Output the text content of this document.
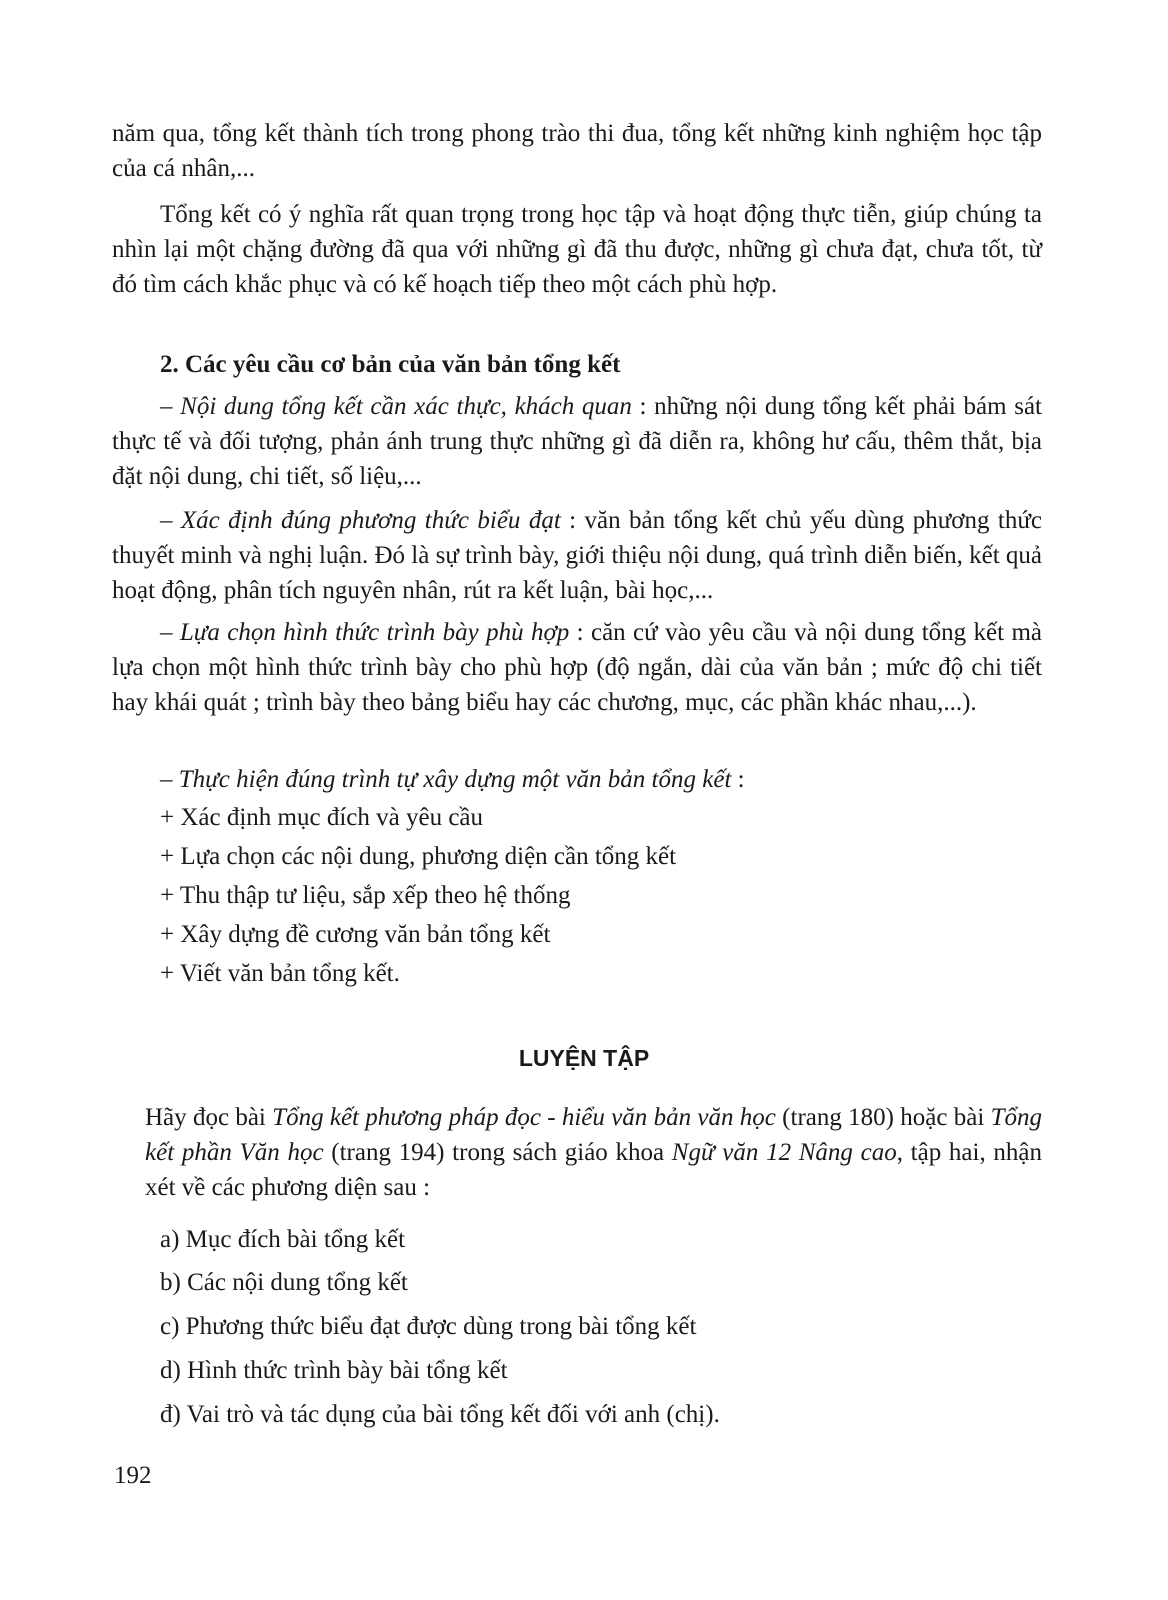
năm qua, tổng kết thành tích trong phong trào thi đua, tổng kết những kinh nghiệm học tập của cá nhân,...

Tổng kết có ý nghĩa rất quan trọng trong học tập và hoạt động thực tiễn, giúp chúng ta nhìn lại một chặng đường đã qua với những gì đã thu được, những gì chưa đạt, chưa tốt, từ đó tìm cách khắc phục và có kế hoạch tiếp theo một cách phù hợp.

2. Các yêu cầu cơ bản của văn bản tổng kết

– Nội dung tổng kết cần xác thực, khách quan : những nội dung tổng kết phải bám sát thực tế và đối tượng, phản ánh trung thực những gì đã diễn ra, không hư cấu, thêm thắt, bịa đặt nội dung, chi tiết, số liệu,...

– Xác định đúng phương thức biểu đạt : văn bản tổng kết chủ yếu dùng phương thức thuyết minh và nghị luận. Đó là sự trình bày, giới thiệu nội dung, quá trình diễn biến, kết quả hoạt động, phân tích nguyên nhân, rút ra kết luận, bài học,...

– Lựa chọn hình thức trình bày phù hợp : căn cứ vào yêu cầu và nội dung tổng kết mà lựa chọn một hình thức trình bày cho phù hợp (độ ngắn, dài của văn bản ; mức độ chi tiết hay khái quát ; trình bày theo bảng biểu hay các chương, mục, các phần khác nhau,...).

– Thực hiện đúng trình tự xây dựng một văn bản tổng kết :

+ Xác định mục đích và yêu cầu

+ Lựa chọn các nội dung, phương diện cần tổng kết

+ Thu thập tư liệu, sắp xếp theo hệ thống

+ Xây dựng đề cương văn bản tổng kết

+ Viết văn bản tổng kết.

LUYỆN TẬP

Hãy đọc bài Tổng kết phương pháp đọc - hiểu văn bản văn học (trang 180) hoặc bài Tổng kết phần Văn học (trang 194) trong sách giáo khoa Ngữ văn 12 Nâng cao, tập hai, nhận xét về các phương diện sau :

a) Mục đích bài tổng kết

b) Các nội dung tổng kết

c) Phương thức biểu đạt được dùng trong bài tổng kết

d) Hình thức trình bày bài tổng kết

đ) Vai trò và tác dụng của bài tổng kết đối với anh (chị).

192
